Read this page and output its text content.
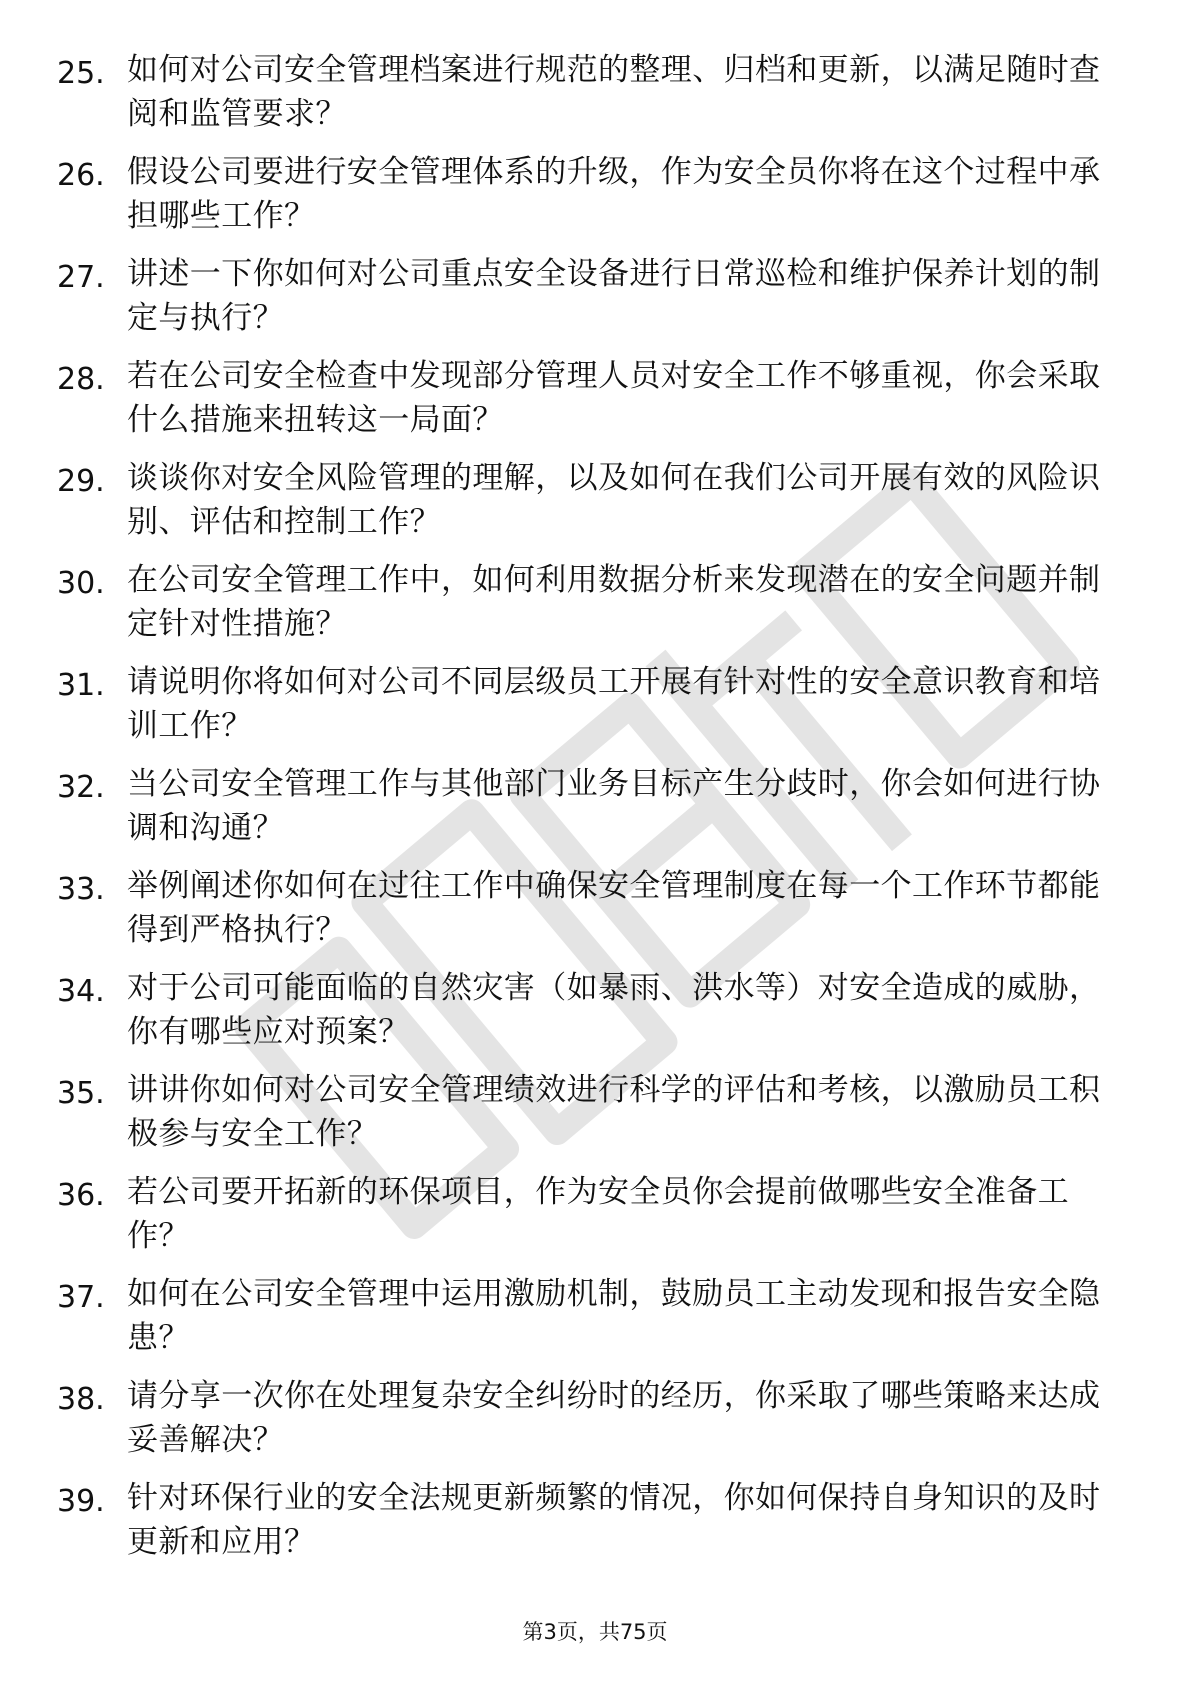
25. 如何对公司安全管理档案进行规范的整理、归档和更新，以满足随时查阅和监管要求？
26. 假设公司要进行安全管理体系的升级，作为安全员你将在这个过程中承担哪些工作？
27. 讲述一下你如何对公司重点安全设备进行日常巡检和维护保养计划的制定与执行？
28. 若在公司安全检查中发现部分管理人员对安全工作不够重视，你会采取什么措施来扭转这一局面？
29. 谈谈你对安全风险管理的理解，以及如何在我们公司开展有效的风险识别、评估和控制工作？
30. 在公司安全管理工作中，如何利用数据分析来发现潜在的安全问题并制定针对性措施？
31. 请说明你将如何对公司不同层级员工开展有针对性的安全意识教育和培训工作？
32. 当公司安全管理工作与其他部门业务目标产生分歧时，你会如何进行协调和沟通？
33. 举例阐述你如何在过往工作中确保安全管理制度在每一个工作环节都能得到严格执行？
34. 对于公司可能面临的自然灾害（如暴雨、洪水等）对安全造成的威胁，你有哪些应对预案？
35. 讲讲你如何对公司安全管理绩效进行科学的评估和考核，以激励员工积极参与安全工作？
36. 若公司要开拓新的环保项目，作为安全员你会提前做哪些安全准备工作？
37. 如何在公司安全管理中运用激励机制，鼓励员工主动发现和报告安全隐患？
38. 请分享一次你在处理复杂安全纠纷时的经历，你采取了哪些策略来达成妥善解决？
39. 针对环保行业的安全法规更新频繁的情况，你如何保持自身知识的及时更新和应用？
第3页，共75页
